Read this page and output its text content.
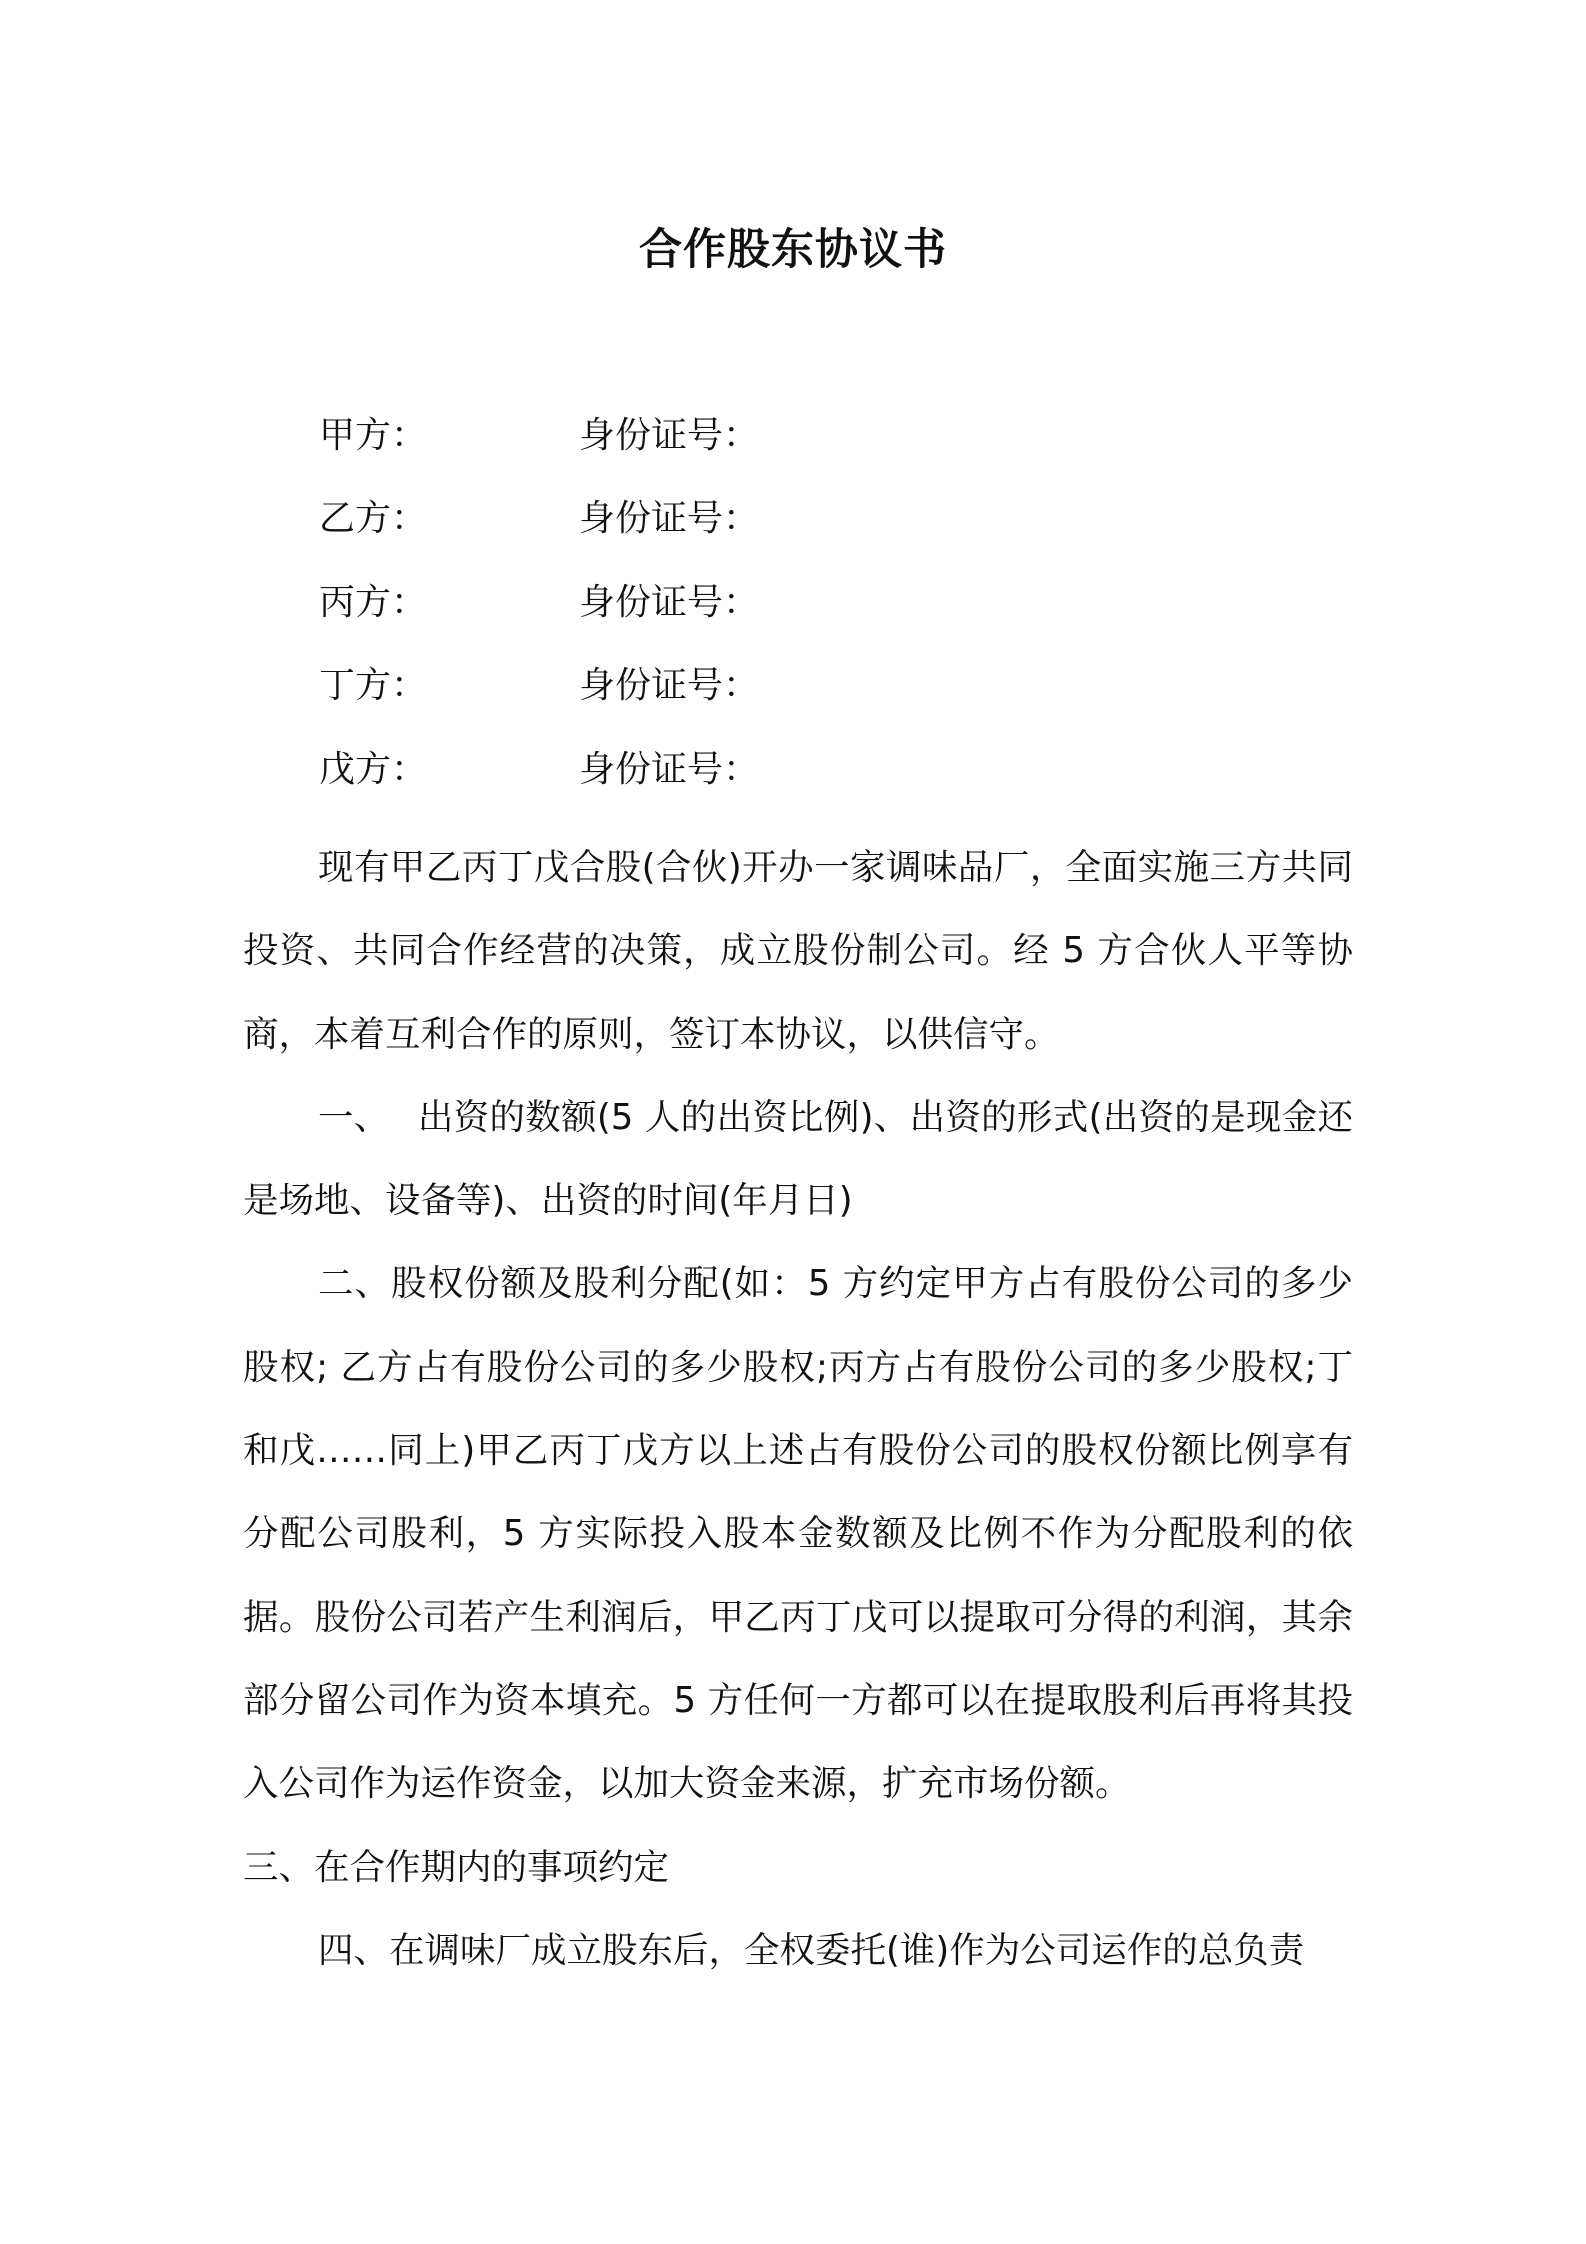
合作股东协议书
甲方：	身份证号：
乙方：	身份证号：
丙方：	身份证号：
丁方：	身份证号：
戊方：	身份证号：

现有甲乙丙丁戊合股(合伙)开办一家调味品厂，全面实施三方共同投资、共同合作经营的决策，成立股份制公司。经 5 方合伙人平等协商，本着互利合作的原则，签订本协议，以供信守。

一、 出资的数额(5 人的出资比例)、出资的形式(出资的是现金还是场地、设备等)、出资的时间(年月日)

二、股权份额及股利分配(如：5 方约定甲方占有股份公司的多少股权; 乙方占有股份公司的多少股权;丙方占有股份公司的多少股权;丁和戊……同上)甲乙丙丁戊方以上述占有股份公司的股权份额比例享有分配公司股利，5 方实际投入股本金数额及比例不作为分配股利的依据。股份公司若产生利润后，甲乙丙丁戊可以提取可分得的利润，其余部分留公司作为资本填充。5 方任何一方都可以在提取股利后再将其投入公司作为运作资金，以加大资金来源，扩充市场份额。

三、在合作期内的事项约定

四、在调味厂成立股东后，全权委托(谁)作为公司运作的总负责
